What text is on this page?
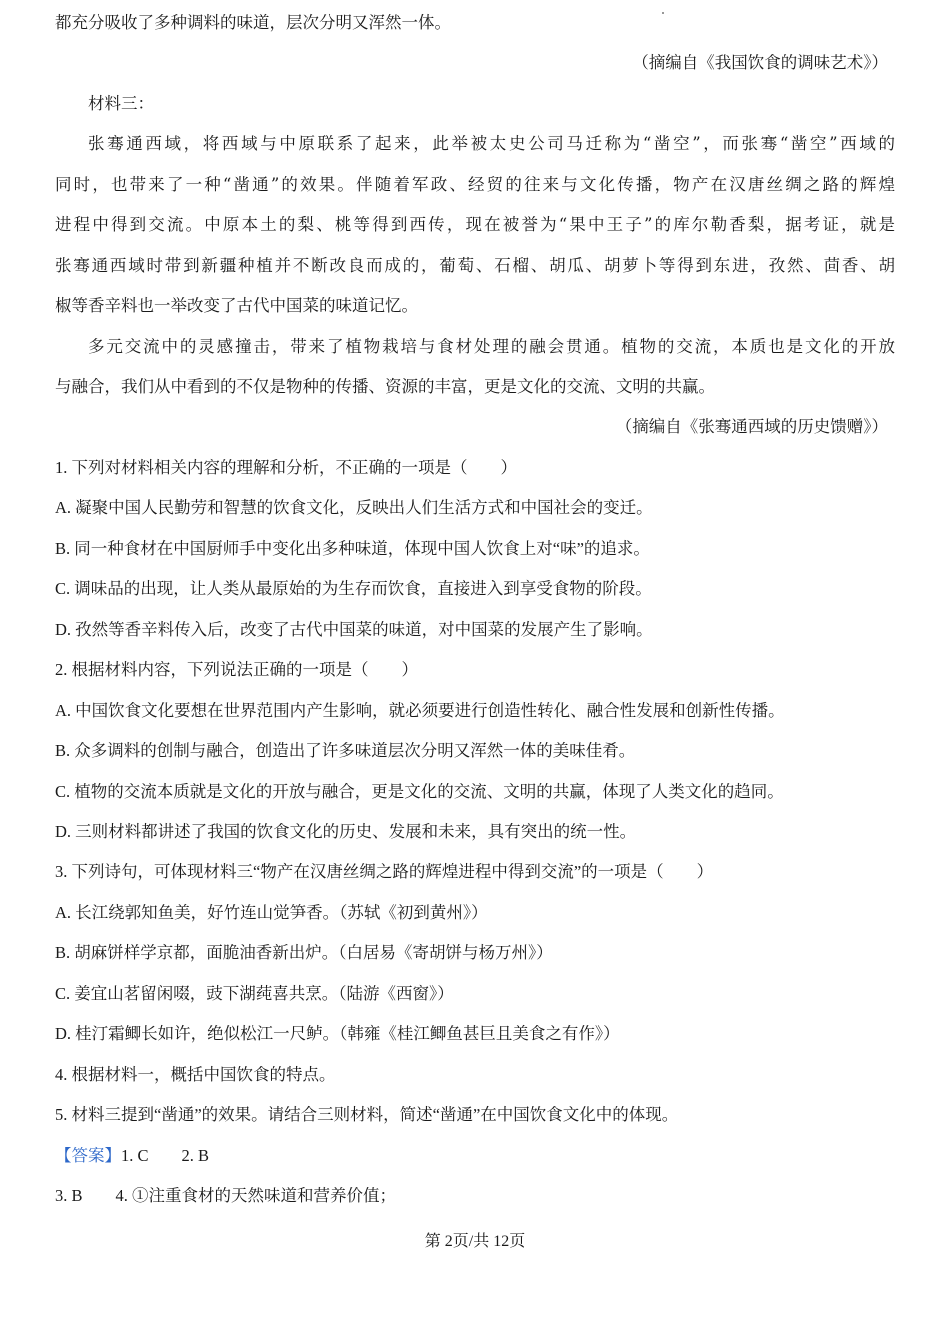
都充分吸收了多种调料的味道，层次分明又浑然一体。
（摘编自《我国饮食的调味艺术》）
材料三：
张骞通西域，将西域与中原联系了起来，此举被太史公司马迁称为“凿空”，而张骞“凿空”西域的
同时，也带来了一种“凿通”的效果。伴随着军政、经贸的往来与文化传播，物产在汉唐丝绸之路的辉煌
进程中得到交流。中原本土的梨、桃等得到西传，现在被誉为“果中王子”的库尔勒香梨，据考证，就是
张骞通西域时带到新疆种植并不断改良而成的，葡萄、石榴、胡瓜、胡萝卜等得到东进，孜然、茴香、胡
椒等香辛料也一举改变了古代中国菜的味道记忆。
多元交流中的灵感撞击，带来了植物栽培与食材处理的融会贯通。植物的交流，本质也是文化的开放
与融合，我们从中看到的不仅是物种的传播、资源的丰富，更是文化的交流、文明的共赢。
（摘编自《张骞通西域的历史馈赠》）
1. 下列对材料相关内容的理解和分析，不正确的一项是（　　）
A. 凝聚中国人民勤劳和智慧的饮食文化，反映出人们生活方式和中国社会的变迁。
B. 同一种食材在中国厨师手中变化出多种味道，体现中国人饮食上对“味”的追求。
C. 调味品的出现，让人类从最原始的为生存而饮食，直接进入到享受食物的阶段。
D. 孜然等香辛料传入后，改变了古代中国菜的味道，对中国菜的发展产生了影响。
2. 根据材料内容，下列说法正确的一项是（　　）
A. 中国饮食文化要想在世界范围内产生影响，就必须要进行创造性转化、融合性发展和创新性传播。
B. 众多调料的创制与融合，创造出了许多味道层次分明又浑然一体的美味佳肴。
C. 植物的交流本质就是文化的开放与融合，更是文化的交流、文明的共赢，体现了人类文化的趋同。
D. 三则材料都讲述了我国的饮食文化的历史、发展和未来，具有突出的统一性。
3. 下列诗句，可体现材料三“物产在汉唐丝绸之路的辉煌进程中得到交流”的一项是（　　）
A. 长江绕郭知鱼美，好竹连山觉笋香。（苏轼《初到黄州》）
B. 胡麻饼样学京都，面脆油香新出炉。（白居易《寄胡饼与杨万州》）
C. 姜宜山茗留闲啜，豉下湖莼喜共烹。（陆游《西窗》）
D. 桂汀霜鲫长如许，绝似松江一尺鲈。（韩雍《桂江鲫鱼甚巨且美食之有作》）
4. 根据材料一，概括中国饮食的特点。
5. 材料三提到“凿通”的效果。请结合三则材料，简述“凿通”在中国饮食文化中的体现。
【答案】1. C　　2. B
3. B　　4. ①注重食材的天然味道和营养价值；
第 2页/共 12页
